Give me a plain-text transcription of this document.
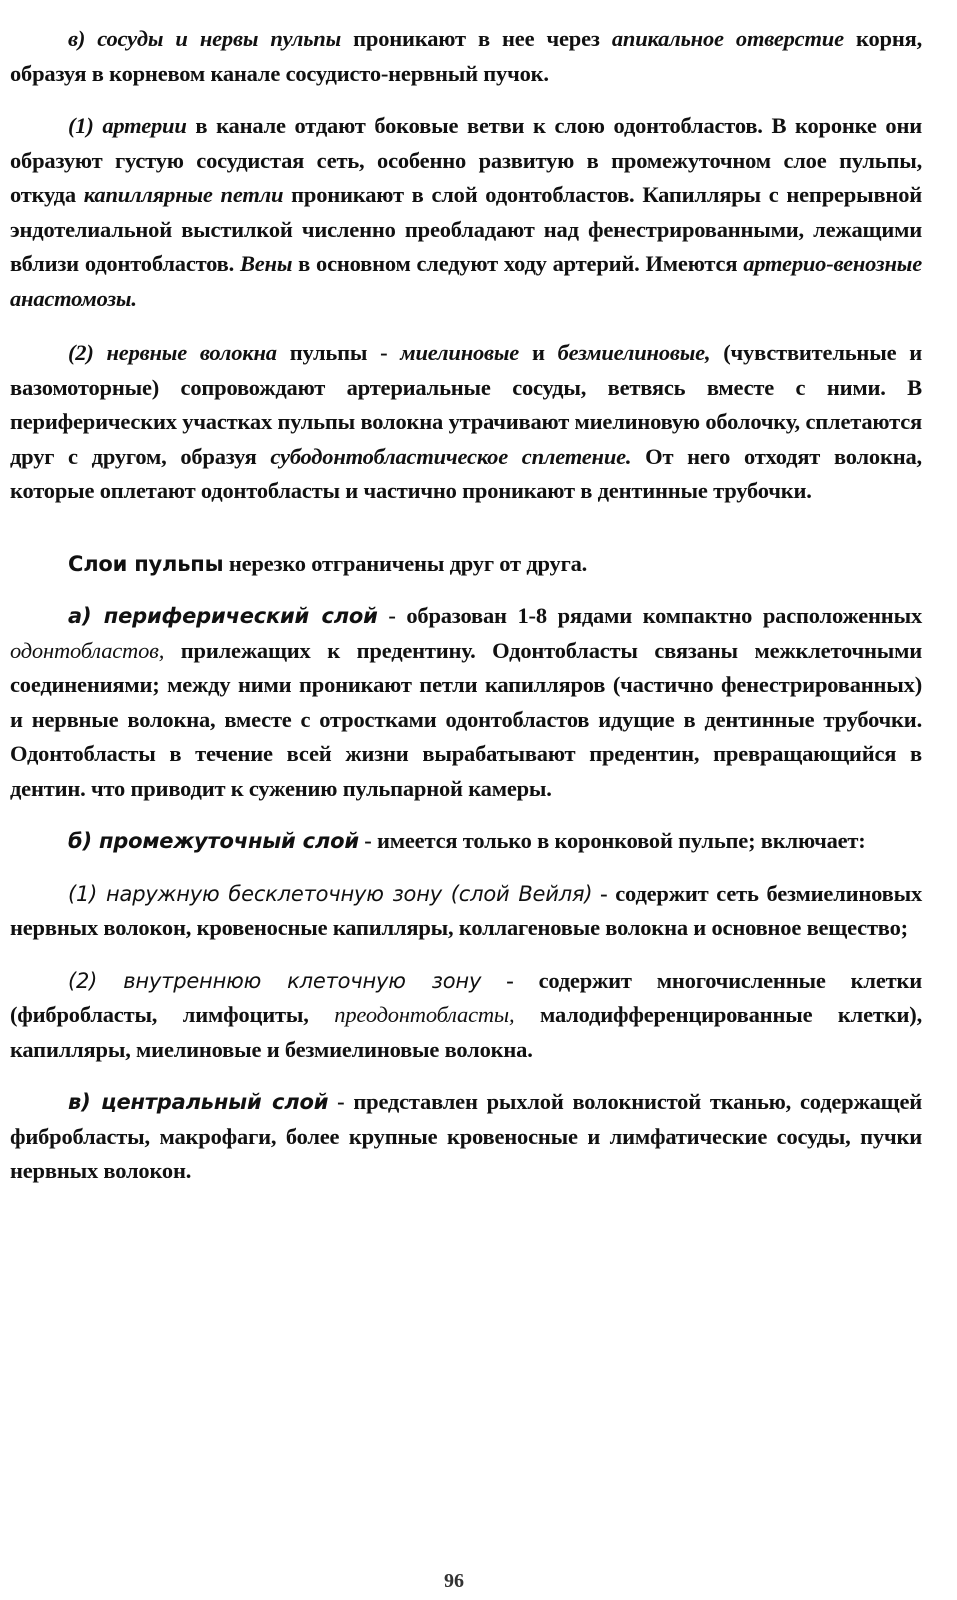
в) сосуды и нервы пульпы проникают в нее через апикальное отверстие корня, образуя в корневом канале сосудисто-нервный пучок.

(1) артерии в канале отдают боковые ветви к слою одонтобластов. В коронке они образуют густую сосудистая сеть, особенно развитую в промежуточном слое пульпы, откуда капиллярные петли проникают в слой одонтобластов. Капилляры с непрерывной эндотелиальной выстилкой численно преобладают над фенестрированными, лежащими вблизи одонтобластов. Вены в основном следуют ходу артерий. Имеются артерио-венозные анастомозы.

(2) нервные волокна пульпы - миелиновые и безмиелиновые, (чувствительные и вазомоторные) сопровождают артериальные сосуды, ветвясь вместе с ними. В периферических участках пульпы волокна утрачивают миелиновую оболочку, сплетаются друг с другом, образуя субодонтобластическое сплетение. От него отходят волокна, которые оплетают одонтобласты и частично проникают в дентинные трубочки.

Слои пульпы нерезко отграничены друг от друга.

а) периферический слой - образован 1-8 рядами компактно расположенных одонтобластов, прилежащих к предентину. Одонтобласты связаны межклеточными соединениями; между ними проникают петли капилляров (частично фенестрированных) и нервные волокна, вместе с отростками одонтобластов идущие в дентинные трубочки. Одонтобласты в течение всей жизни вырабатывают предентин, превращающийся в дентин. что приводит к сужению пульпарной камеры.

б) промежуточный слой - имеется только в коронковой пульпе; включает:

(1) наружную бесклеточную зону (слой Вейля) - содержит сеть безмиелиновых нервных волокон, кровеносные капилляры, коллагеновые волокна и основное вещество;

(2) внутреннюю клеточную зону - содержит многочисленные клетки (фибробласты, лимфоциты, преодонтобласты, малодифференцированные клетки), капилляры, миелиновые и безмиелиновые волокна.

в) центральный слой - представлен рыхлой волокнистой тканью, содержащей фибробласты, макрофаги, более крупные кровеносные и лимфатические сосуды, пучки нервных волокон.

96
